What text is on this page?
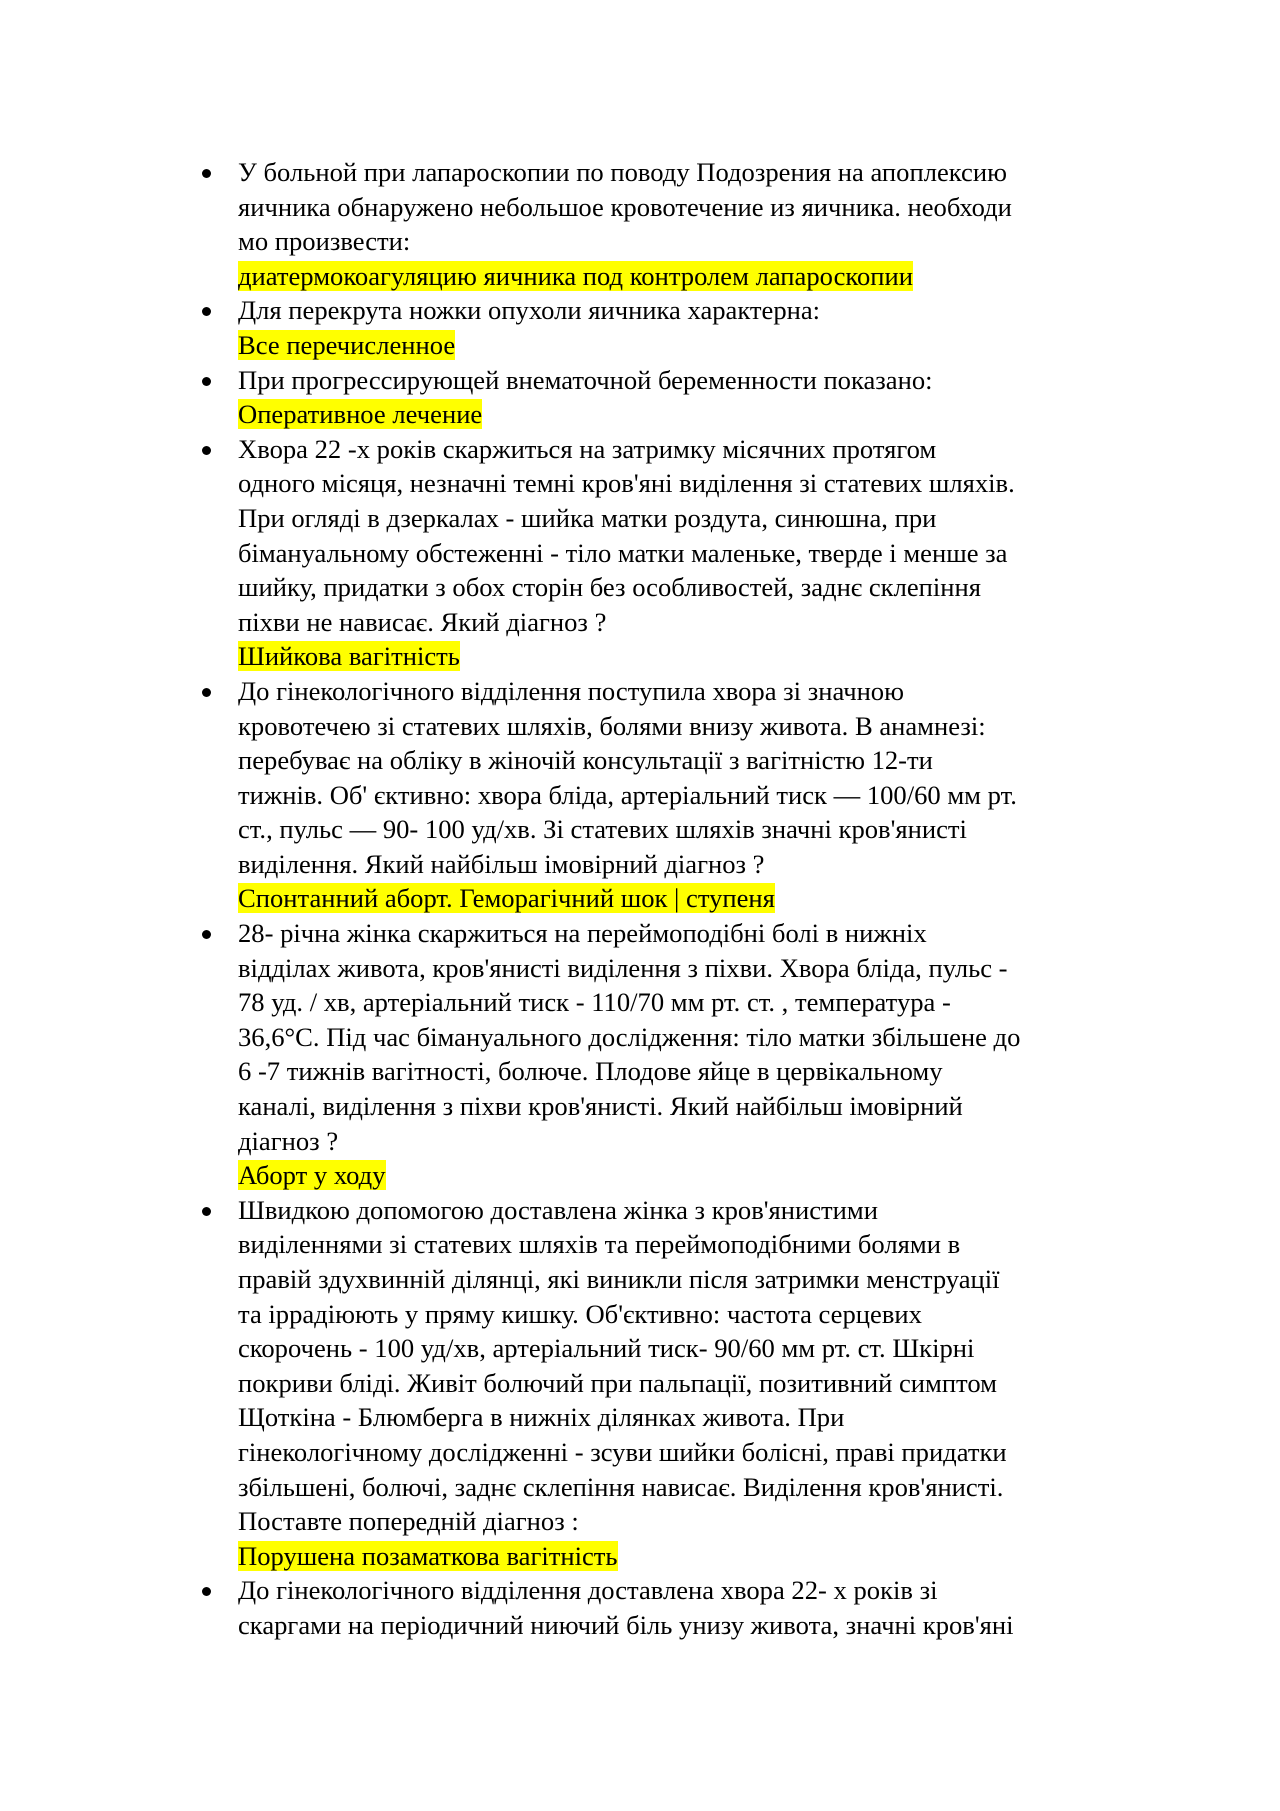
У больной при лапароскопии по поводу Подозрения на апоплексию
яичника обнаружено небольшое кровотечение из яичника. необходи
мо произвести:
диатермокоагуляцию яичника под контролем лапароскопии
Для перекрута ножки опухоли яичника характерна:
Все перечисленное
При прогрессирующей внематочной беременности показано:
Оперативное лечение
Хвора 22 -х років скаржиться на затримку місячних протягом
одного місяця, незначні темні кров'яні виділення зі статевих шляхів.
При огляді в дзеркалах - шийка матки роздута, синюшна, при
бімануальному обстеженні - тіло матки маленьке, тверде і менше за
шийку, придатки з обох сторін без особливостей, заднє склепіння
піхви не нависає. Який діагноз ?
Шийкова вагітність
До гінекологічного відділення поступила хвора зі значною
кровотечею зі статевих шляхів, болями внизу живота. В анамнезі:
перебуває на обліку в жіночій консультації з вагітністю 12-ти
тижнів. Об' єктивно: хвора бліда, артеріальний тиск — 100/60 мм рт.
ст., пульс — 90- 100 уд/хв. Зі статевих шляхів значні кров'янисті
виділення. Який найбільш імовірний діагноз ?
Спонтанний аборт. Геморагічний шок | ступеня
28- річна жінка скаржиться на переймоподібні болі в нижніх
відділах живота, кров'янисті виділення з піхви. Хвора бліда, пульс -
78 уд. / хв, артеріальний тиск - 110/70 мм рт. ст. , температура -
36,6°С. Під час бімануального дослідження: тіло матки збільшене до
6 -7 тижнів вагітності, болюче. Плодове яйце в цервікальному
каналі, виділення з піхви кров'янисті. Який найбільш імовірний
діагноз ?
Аборт у ходу
Швидкою допомогою доставлена жінка з кров'янистими
виділеннями зі статевих шляхів та переймоподібними болями в
правій здухвинній ділянці, які виникли після затримки менструації
та іррадіюють у пряму кишку. Об'єктивно: частота серцевих
скорочень - 100 уд/хв, артеріальний тиск- 90/60 мм рт. ст. Шкірні
покриви бліді. Живіт болючий при пальпації, позитивний симптом
Щоткіна - Блюмберга в нижніх ділянках живота. При
гінекологічному дослідженні - зсуви шийки болісні, праві придатки
збільшені, болючі, заднє склепіння нависає. Виділення кров'янисті.
Поставте попередній діагноз :
Порушена позаматкова вагітність
До гінекологічного відділення доставлена хвора 22- х років зі
скаргами на періодичний ниючий біль унизу живота, значні кров'яні
